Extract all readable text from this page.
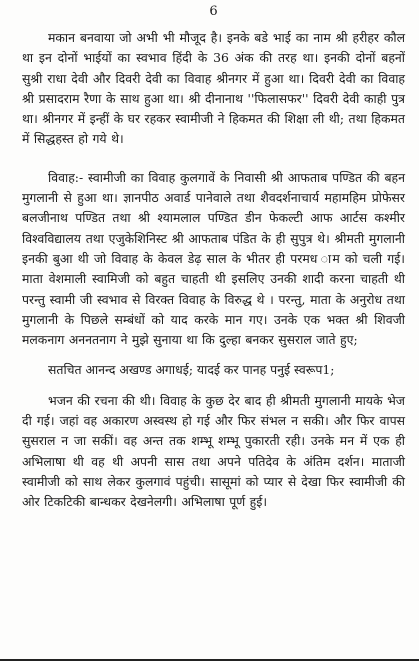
6

मकान बनवाया जो अभी भी मौजूद है। इनके बडे भाई का नाम श्री हरीहर कौल था इन दोनों भाईयों का स्वभाव हिंदी के 36 अंक की तरह था। इनकी दोनों बहनों सुश्री राधा देवी और दिवरी देवी का विवाह श्रीनगर में हुआ था। दिवरी देवी का विवाह श्री प्रसादराम रैणा के साथ हुआ था। श्री दीनानाथ ''फिलासफर'' दिवरी देवी काही पुत्र था। श्रीनगर में इन्हीं के घर रहकर स्वामीजी ने हिकमत की शिक्षा ली थी; तथा हिकमत में सिद्धहस्त हो गये थे।

विवाह:- स्वामीजी का विवाह कुलगावें के निवासी श्री आफताब पण्डित की बहन मुगलानी से हुआ था। ज्ञानपीठ अवार्ड पानेवाले तथा शैवदर्शनाचार्य महामहिम प्रोफेसर बलजीनाथ पण्डित तथा श्री श्यामलाल पण्डित डीन फेकल्टी आफ आर्टस कश्मीर विश्वविद्यालय तथा एजुकेशिनिस्ट श्री आफताब पंडित के ही सुपुत्र थे। श्रीमती मुगलानी इनकी बुआ थी जो विवाह के केवल डेढ़ साल के भीतर ही परमध ाम को चली गई। माता वेशमाली स्वामिजी को बहुत चाहती थी इसलिए उनकी शादी करना चाहती थी परन्तु स्वामी जी स्वभाव से विरक्त विवाह के विरुद्ध थे । परन्तु, माता के अनुरोध तथा मुगलानी के पिछले सम्बंधों को याद करके मान गए। उनके एक भक्त श्री शिवजी मलकनाग अननतनाग ने मुझे सुनाया था कि दुल्हा बनकर सुसराल जाते हुए;

सतचित आनन्द अखण्ड अगाधई; यादई कर पानह पनुई स्वरूप1;

भजन की रचना की थी। विवाह के कुछ देर बाद ही श्रीमती मुगलानी मायके भेज दी गई। जहां वह अकारण अस्वस्थ हो गई और फिर संभल न सकी। और फिर वापस सुसराल न जा सकीं। वह अन्त तक शम्भू शम्भू पुकारती रही। उनके मन में एक ही अभिलाषा थी वह थी अपनी सास तथा अपने पतिदेव के अंतिम दर्शन। माताजी स्वामीजी को साथ लेकर कुलगावं पहुंची। सासूमां को प्यार से देखा फिर स्वामीजी की ओर टिकटिकी बान्धकर देखनेलगी। अभिलाषा पूर्ण हुई।
